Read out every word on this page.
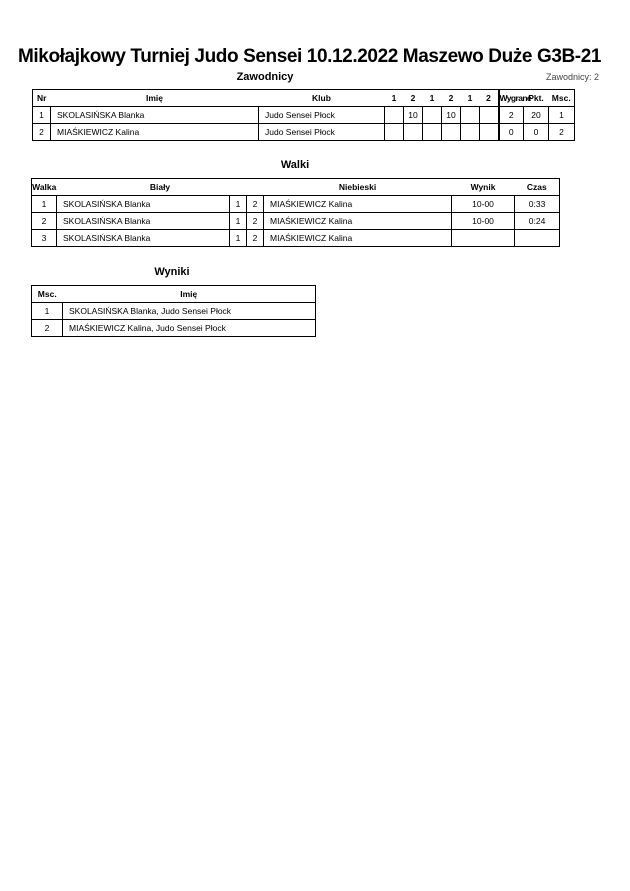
Mikołajkowy Turniej Judo Sensei 10.12.2022 Maszewo Duże G3B-21
Zawodnicy	Zawodnicy: 2
Nr	Imię	Klub	1	2	1	2	1	2	Wygrane	Pkt.	Msc.
1	SKOLASIŃSKA Blanka	Judo Sensei Płock		10		10			2	20	1
2	MIAŚKIEWICZ Kalina	Judo Sensei Płock							0	0	2
Walki
Walka	Biały			Niebieski	Wynik	Czas
1	SKOLASIŃSKA Blanka	1	2	MIAŚKIEWICZ Kalina	10-00	0:33
2	SKOLASIŃSKA Blanka	1	2	MIAŚKIEWICZ Kalina	10-00	0:24
3	SKOLASIŃSKA Blanka	1	2	MIAŚKIEWICZ Kalina		
Wyniki
Msc.	Imię
1	SKOLASIŃSKA Blanka, Judo Sensei Płock
2	MIAŚKIEWICZ Kalina, Judo Sensei Płock
